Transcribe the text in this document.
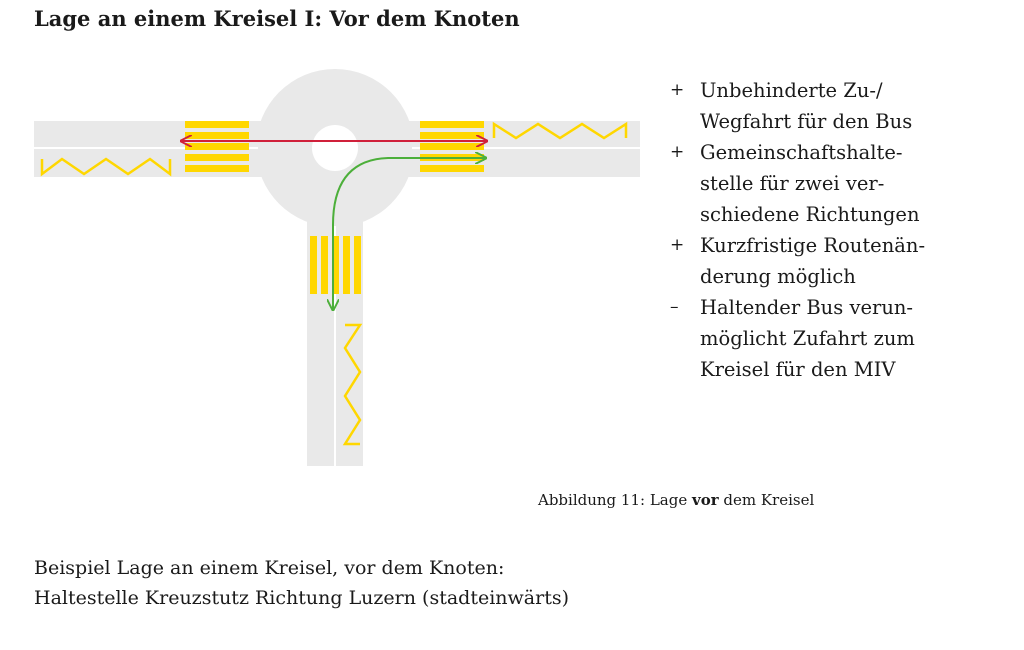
Lage an einem Kreisel I: Vor dem Knoten
+ Unbehinderte Zu-/
Wegfahrt für den Bus
+ Gemeinschaftshalte-
stelle für zwei ver-
schiedene Richtungen
+ Kurzfristige Routenän-
derung möglich
– Haltender Bus verun-
möglicht Zufahrt zum
Kreisel für den MIV
Abbildung 11: Lage vor dem Kreisel
Beispiel Lage an einem Kreisel, vor dem Knoten:
Haltestelle Kreuzstutz Richtung Luzern (stadteinwärts)
